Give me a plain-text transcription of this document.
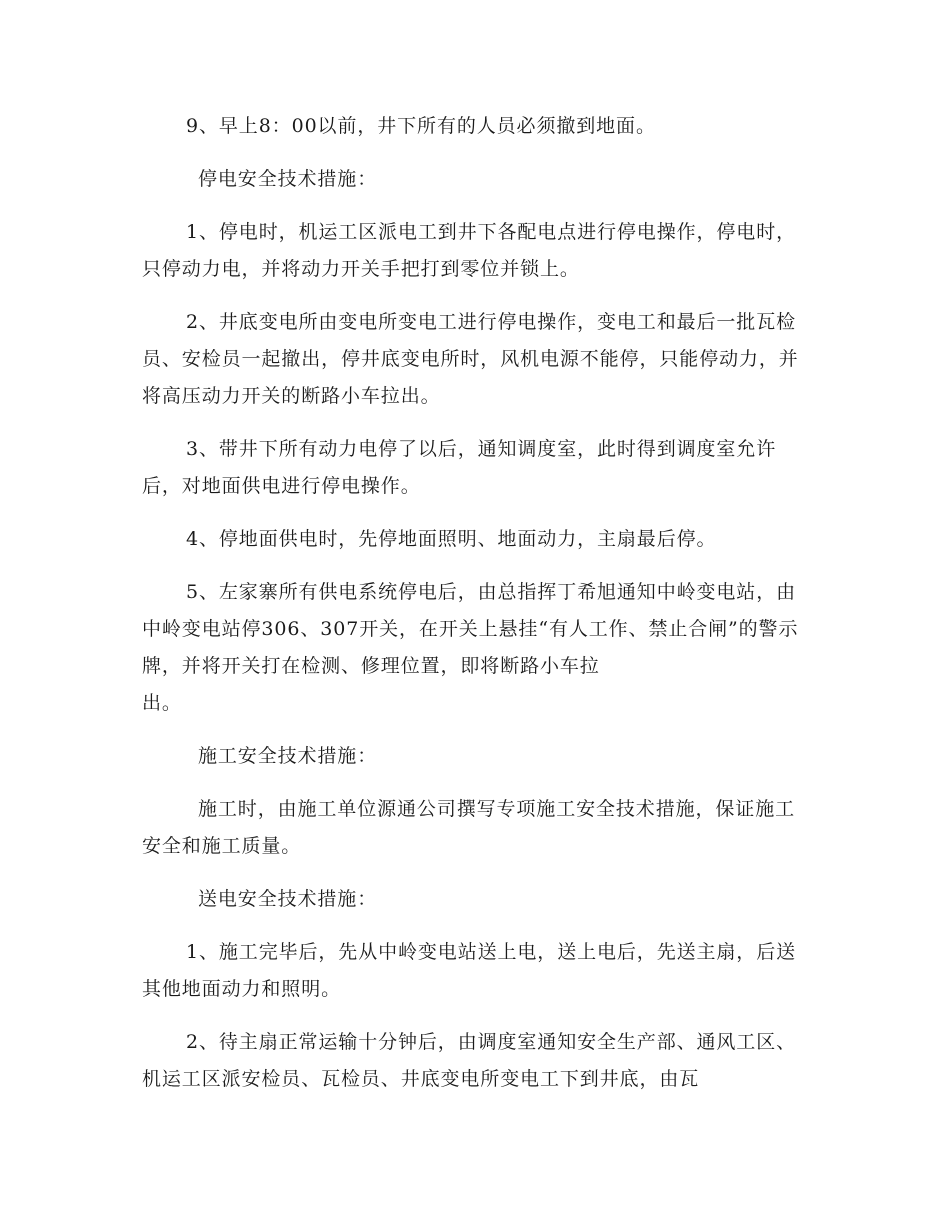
9、早上8：00以前，井下所有的人员必须撤到地面。

停电安全技术措施：

1、停电时，机运工区派电工到井下各配电点进行停电操作，停电时，只停动力电，并将动力开关手把打到零位并锁上。

2、井底变电所由变电所变电工进行停电操作，变电工和最后一批瓦检员、安检员一起撤出，停井底变电所时，风机电源不能停，只能停动力，并将高压动力开关的断路小车拉出。

3、带井下所有动力电停了以后，通知调度室，此时得到调度室允许后，对地面供电进行停电操作。

4、停地面供电时，先停地面照明、地面动力，主扇最后停。

5、左家寨所有供电系统停电后，由总指挥丁希旭通知中岭变电站，由中岭变电站停306、307开关，在开关上悬挂“有人工作、禁止合闸”的警示牌，并将开关打在检测、修理位置，即将断路小车拉
出。

施工安全技术措施：

施工时，由施工单位源通公司撰写专项施工安全技术措施，保证施工安全和施工质量。

送电安全技术措施：

1、施工完毕后，先从中岭变电站送上电，送上电后，先送主扇，后送其他地面动力和照明。

2、待主扇正常运输十分钟后，由调度室通知安全生产部、通风工区、机运工区派安检员、瓦检员、井底变电所变电工下到井底，由瓦
